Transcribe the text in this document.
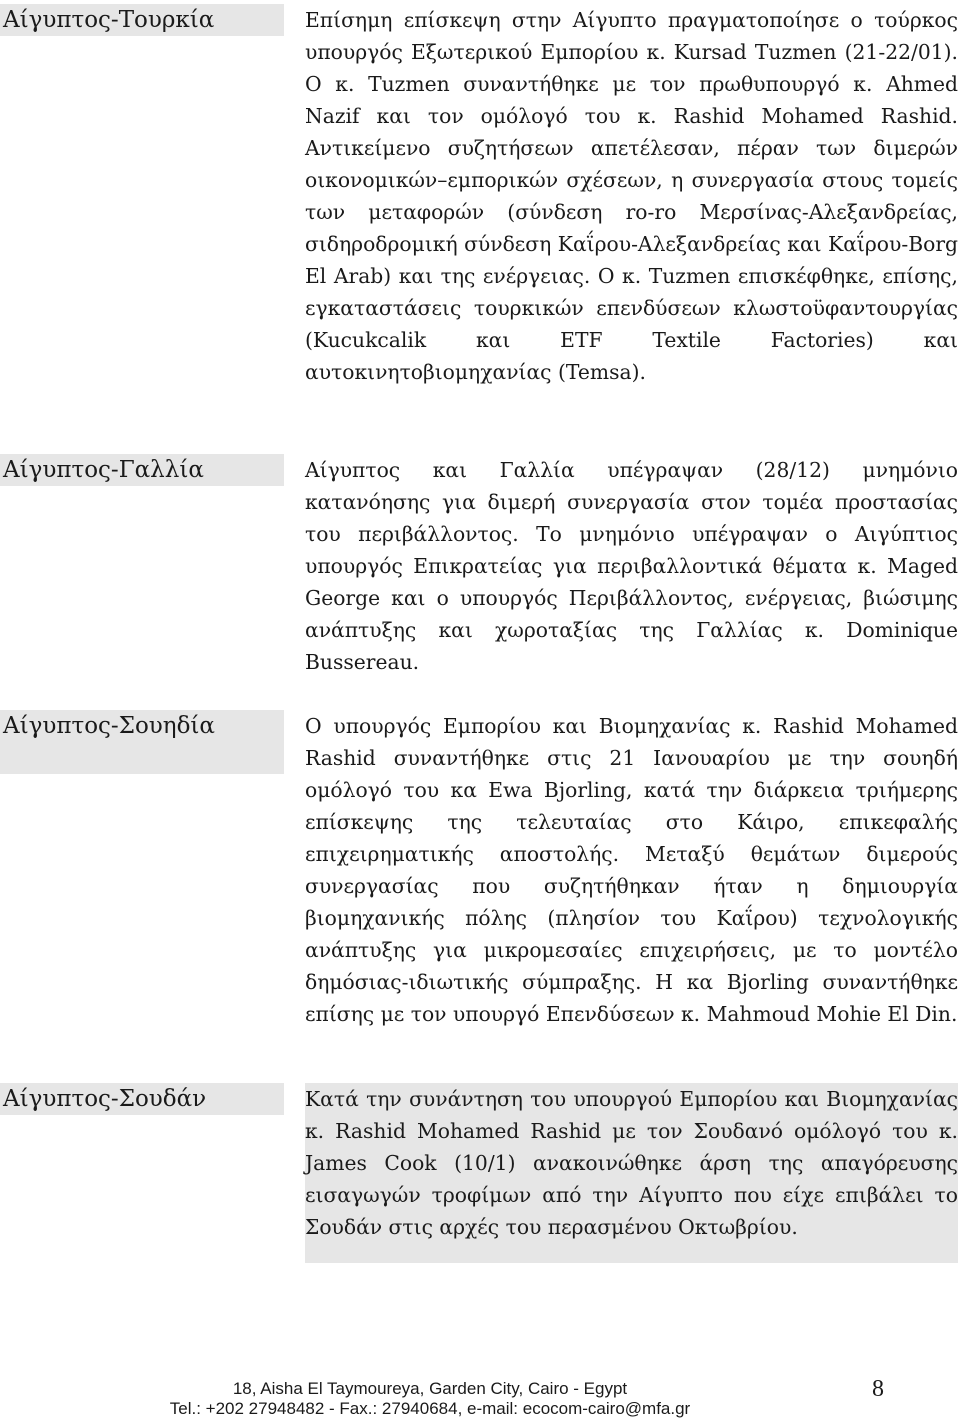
Αίγυπτος-Τουρκία	Επίσημη επίσκεψη στην Αίγυπτο πραγματοποίησε ο τούρκος υπουργός Εξωτερικού Εμπορίου κ. Kursad Tuzmen (21-22/01). Ο κ. Tuzmen συναντήθηκε με τον πρωθυπουργό κ. Ahmed Nazif και τον ομόλογό του κ. Rashid Mohamed Rashid. Αντικείμενο συζητήσεων απετέλεσαν, πέραν των διμερών οικονομικών–εμπορικών σχέσεων, η συνεργασία στους τομείς των μεταφορών (σύνδεση ro-ro Μερσίνας-Αλεξανδρείας, σιδηροδρομική σύνδεση Καΐρου-Αλεξανδρείας και Καΐρου-Borg El Arab) και της ενέργειας. Ο κ. Tuzmen επισκέφθηκε, επίσης, εγκαταστάσεις τουρκικών επενδύσεων κλωστοϋφαντουργίας (Kucukcalik και ETF Textile Factories) και αυτοκινητοβιομηχανίας (Temsa).
Αίγυπτος-Γαλλία	Αίγυπτος και Γαλλία υπέγραψαν (28/12) μνημόνιο κατανόησης για διμερή συνεργασία στον τομέα προστασίας του περιβάλλοντος. Το μνημόνιο υπέγραψαν ο Αιγύπτιος υπουργός Επικρατείας για περιβαλλοντικά θέματα κ. Maged George και ο υπουργός Περιβάλλοντος, ενέργειας, βιώσιμης ανάπτυξης και χωροταξίας της Γαλλίας κ. Dominique Bussereau.
Αίγυπτος-Σουηδία	Ο υπουργός Εμπορίου και Βιομηχανίας κ. Rashid Mohamed Rashid συναντήθηκε στις 21 Ιανουαρίου με την σουηδή ομόλογό του κα Ewa Bjorling, κατά την διάρκεια τριήμερης επίσκεψης της τελευταίας στο Κάιρο, επικεφαλής επιχειρηματικής αποστολής. Μεταξύ θεμάτων διμερούς συνεργασίας που συζητήθηκαν ήταν η δημιουργία βιομηχανικής πόλης (πλησίον του Καΐρου) τεχνολογικής ανάπτυξης για μικρομεσαίες επιχειρήσεις, με το μοντέλο δημόσιας-ιδιωτικής σύμπραξης. Η κα Bjorling συναντήθηκε επίσης με τον υπουργό Επενδύσεων κ. Mahmoud Mohie El Din.
Αίγυπτος-Σουδάν	Κατά την συνάντηση του υπουργού Εμπορίου και Βιομηχανίας κ. Rashid Mohamed Rashid με τον Σουδανό ομόλογό του κ. James Cook (10/1) ανακοινώθηκε άρση της απαγόρευσης εισαγωγών τροφίμων από την Αίγυπτο που είχε επιβάλει το Σουδάν στις αρχές του περασμένου Οκτωβρίου.
18, Aisha El Taymoureya, Garden City, Cairo - Egypt
Tel.: +202 27948482 - Fax.: 27940684, e-mail: ecocom-cairo@mfa.gr
8
